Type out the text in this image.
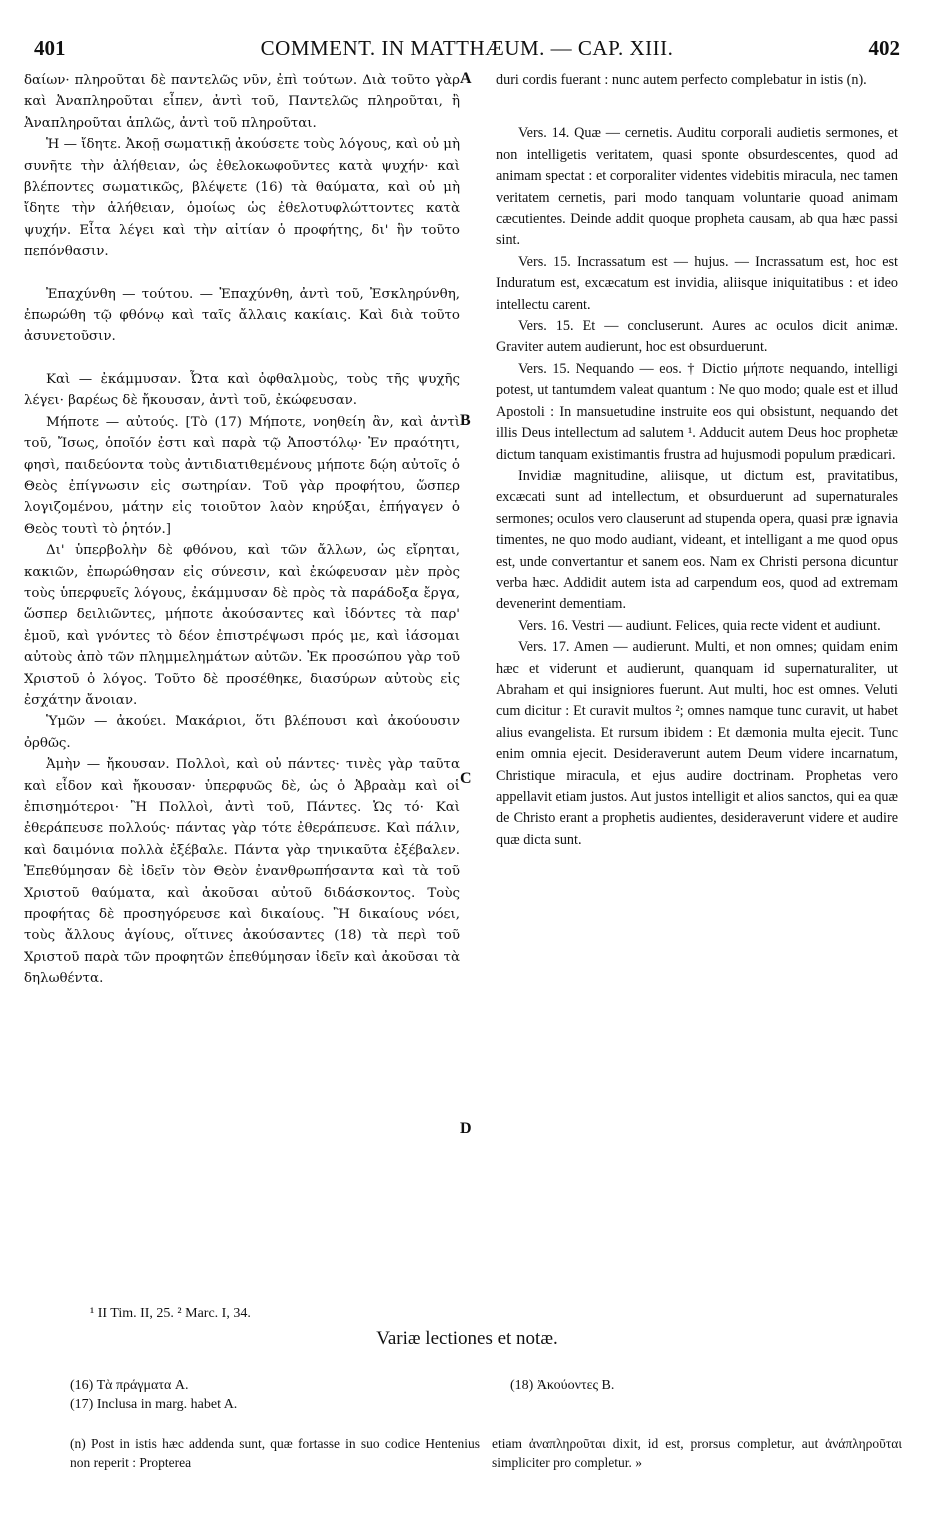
401	COMMENT. IN MATTHÆUM. — CAP. XIII.	402

δαίων· πληροῦται δὲ παντελῶς νῦν, ἐπὶ τούτων. Διὰ τοῦτο γὰρ καὶ Ἀναπληροῦται εἶπεν, ἀντὶ τοῦ, Παντελῶς πληροῦται, ἢ Ἀναπληροῦται ἁπλῶς, ἀντὶ τοῦ πληροῦται.

Ἡ — ἴδητε. Ἀκοῇ σωματικῇ ἀκούσετε τοὺς λόγους, καὶ οὐ μὴ συνῆτε τὴν ἀλήθειαν, ὡς ἐθελοκωφοῦντες κατὰ ψυχήν· καὶ βλέποντες σωματικῶς, βλέψετε (16) τὰ θαύματα, καὶ οὐ μὴ ἴδητε τὴν ἀλήθειαν, ὁμοίως ὡς ἐθελοτυφλώττοντες κατὰ ψυχήν. Εἶτα λέγει καὶ τὴν αἰτίαν ὁ προφήτης, δι' ἣν τοῦτο πεπόνθασιν.

Ἐπαχύνθη — τούτου. — Ἐπαχύνθη, ἀντὶ τοῦ, Ἐσκληρύνθη, ἐπωρώθη τῷ φθόνῳ καὶ ταῖς ἄλλαις κακίαις. Καὶ διὰ τοῦτο ἀσυνετοῦσιν.

Καὶ — ἐκάμμυσαν. Ὦτα καὶ ὀφθαλμοὺς, τοὺς τῆς ψυχῆς λέγει· βαρέως δὲ ἤκουσαν, ἀντὶ τοῦ, ἐκώφευσαν.

Μήποτε — αὐτούς. [Τὸ (17) Μήποτε, νοηθείη ἂν, καὶ ἀντὶ τοῦ, Ἴσως, ὁποῖόν ἐστι καὶ παρὰ τῷ Ἀποστόλῳ· Ἐν πραότητι, φησὶ, παιδεύοντα τοὺς ἀντιδιατιθεμένους μήποτε δῴη αὐτοῖς ὁ Θεὸς ἐπίγνωσιν εἰς σωτηρίαν. Τοῦ γὰρ προφήτου, ὥσπερ λογιζομένου, μάτην εἰς τοιοῦτον λαὸν κηρύξαι, ἐπήγαγεν ὁ Θεὸς τουτὶ τὸ ῥητόν.]

Δι' ὑπερβολὴν δὲ φθόνου, καὶ τῶν ἄλλων, ὡς εἴρηται, κακιῶν, ἐπωρώθησαν εἰς σύνεσιν, καὶ ἐκώφευσαν μὲν πρὸς τοὺς ὑπερφυεῖς λόγους, ἐκάμμυσαν δὲ πρὸς τὰ παράδοξα ἔργα, ὥσπερ δειλιῶντες, μήποτε ἀκούσαντες καὶ ἰδόντες τὰ παρ' ἐμοῦ, καὶ γνόντες τὸ δέον ἐπιστρέψωσι πρός με, καὶ ἰάσομαι αὐτοὺς ἀπὸ τῶν πλημμελημάτων αὐτῶν. Ἐκ προσώπου γὰρ τοῦ Χριστοῦ ὁ λόγος. Τοῦτο δὲ προσέθηκε, διασύρων αὐτοὺς εἰς ἐσχάτην ἄνοιαν.

Ὑμῶν — ἀκούει. Μακάριοι, ὅτι βλέπουσι καὶ ἀκούουσιν ὀρθῶς.

Ἀμὴν — ἤκουσαν. Πολλοὶ, καὶ οὐ πάντες· τινὲς γὰρ ταῦτα καὶ εἶδον καὶ ἤκουσαν· ὑπερφυῶς δὲ, ὡς ὁ Ἀβραὰμ καὶ οἱ ἐπισημότεροι· Ἢ Πολλοὶ, ἀντὶ τοῦ, Πάντες. Ὡς τό· Καὶ ἐθεράπευσε πολλούς· πάντας γὰρ τότε ἐθεράπευσε. Καὶ πάλιν, καὶ δαιμόνια πολλὰ ἐξέβαλε. Πάντα γὰρ τηνικαῦτα ἐξέβαλεν. Ἐπεθύμησαν δὲ ἰδεῖν τὸν Θεὸν ἐνανθρωπήσαντα καὶ τὰ τοῦ Χριστοῦ θαύματα, καὶ ἀκοῦσαι αὐτοῦ διδάσκοντος. Τοὺς προφήτας δὲ προσηγόρευσε καὶ δικαίους. Ἢ δικαίους νόει, τοὺς ἄλλους ἁγίους, οἵτινες ἀκούσαντες (18) τὰ περὶ τοῦ Χριστοῦ παρὰ τῶν προφητῶν ἐπεθύμησαν ἰδεῖν καὶ ἀκοῦσαι τὰ δηλωθέντα.

A
B
C
D

duri cordis fuerant : nunc autem perfecto complebatur in istis (n).

Vers. 14. Quæ — cernetis. Auditu corporali audietis sermones, et non intelligetis veritatem, quasi sponte obsurdescentes, quod ad animam spectat : et corporaliter videntes videbitis miracula, nec tamen veritatem cernetis, pari modo tanquam voluntarie quoad animam cæcutientes. Deinde addit quoque propheta causam, ab qua hæc passi sint.

Vers. 15. Incrassatum est — hujus. — Incrassatum est, hoc est Induratum est, excæcatum est invidia, aliisque iniquitatibus : et ideo intellectu carent.

Vers. 15. Et — concluserunt. Aures ac oculos dicit animæ. Graviter autem audierunt, hoc est obsurduerunt.

Vers. 15. Nequando — eos. † Dictio μήποτε nequando, intelligi potest, ut tantumdem valeat quantum : Ne quo modo; quale est et illud Apostoli : In mansuetudine instruite eos qui obsistunt, nequando det illis Deus intellectum ad salutem ¹. Adducit autem Deus hoc prophetæ dictum tanquam existimantis frustra ad hujusmodi populum prædicari.

Invidiæ magnitudine, aliisque, ut dictum est, pravitatibus, excæcati sunt ad intellectum, et obsurduerunt ad supernaturales sermones; oculos vero clauserunt ad stupenda opera, quasi præ ignavia timentes, ne quo modo audiant, videant, et intelligant a me quod opus est, unde convertantur et sanem eos. Nam ex Christi persona dicuntur verba hæc. Addidit autem ista ad carpendum eos, quod ad extremam devenerint dementiam.

Vers. 16. Vestri — audiunt. Felices, quia recte vident et audiunt.

Vers. 17. Amen — audierunt. Multi, et non omnes; quidam enim hæc et viderunt et audierunt, quanquam id supernaturaliter, ut Abraham et qui insigniores fuerunt. Aut multi, hoc est omnes. Veluti cum dicitur : Et curavit multos ²; omnes namque tunc curavit, ut habet alius evangelista. Et rursum ibidem : Et dæmonia multa ejecit. Tunc enim omnia ejecit. Desideraverunt autem Deum videre incarnatum, Christique miracula, et ejus audire doctrinam. Prophetas vero appellavit etiam justos. Aut justos intelligit et alios sanctos, qui ea quæ de Christo erant a prophetis audientes, desideraverunt videre et audire quæ dicta sunt.

¹ II Tim. II, 25. ² Marc. I, 34.
Variæ lectiones et notæ.
(16) Τὰ πράγματα A.
(17) Inclusa in marg. habet A.
(18) Ἀκούοντες B.
(n) Post in istis hæc addenda sunt, quæ fortasse in suo codice Hentenius non reperit : Propterea
etiam ἀναπληροῦται dixit, id est, prorsus completur, aut ἀνάπληροῦται simpliciter pro completur. »
